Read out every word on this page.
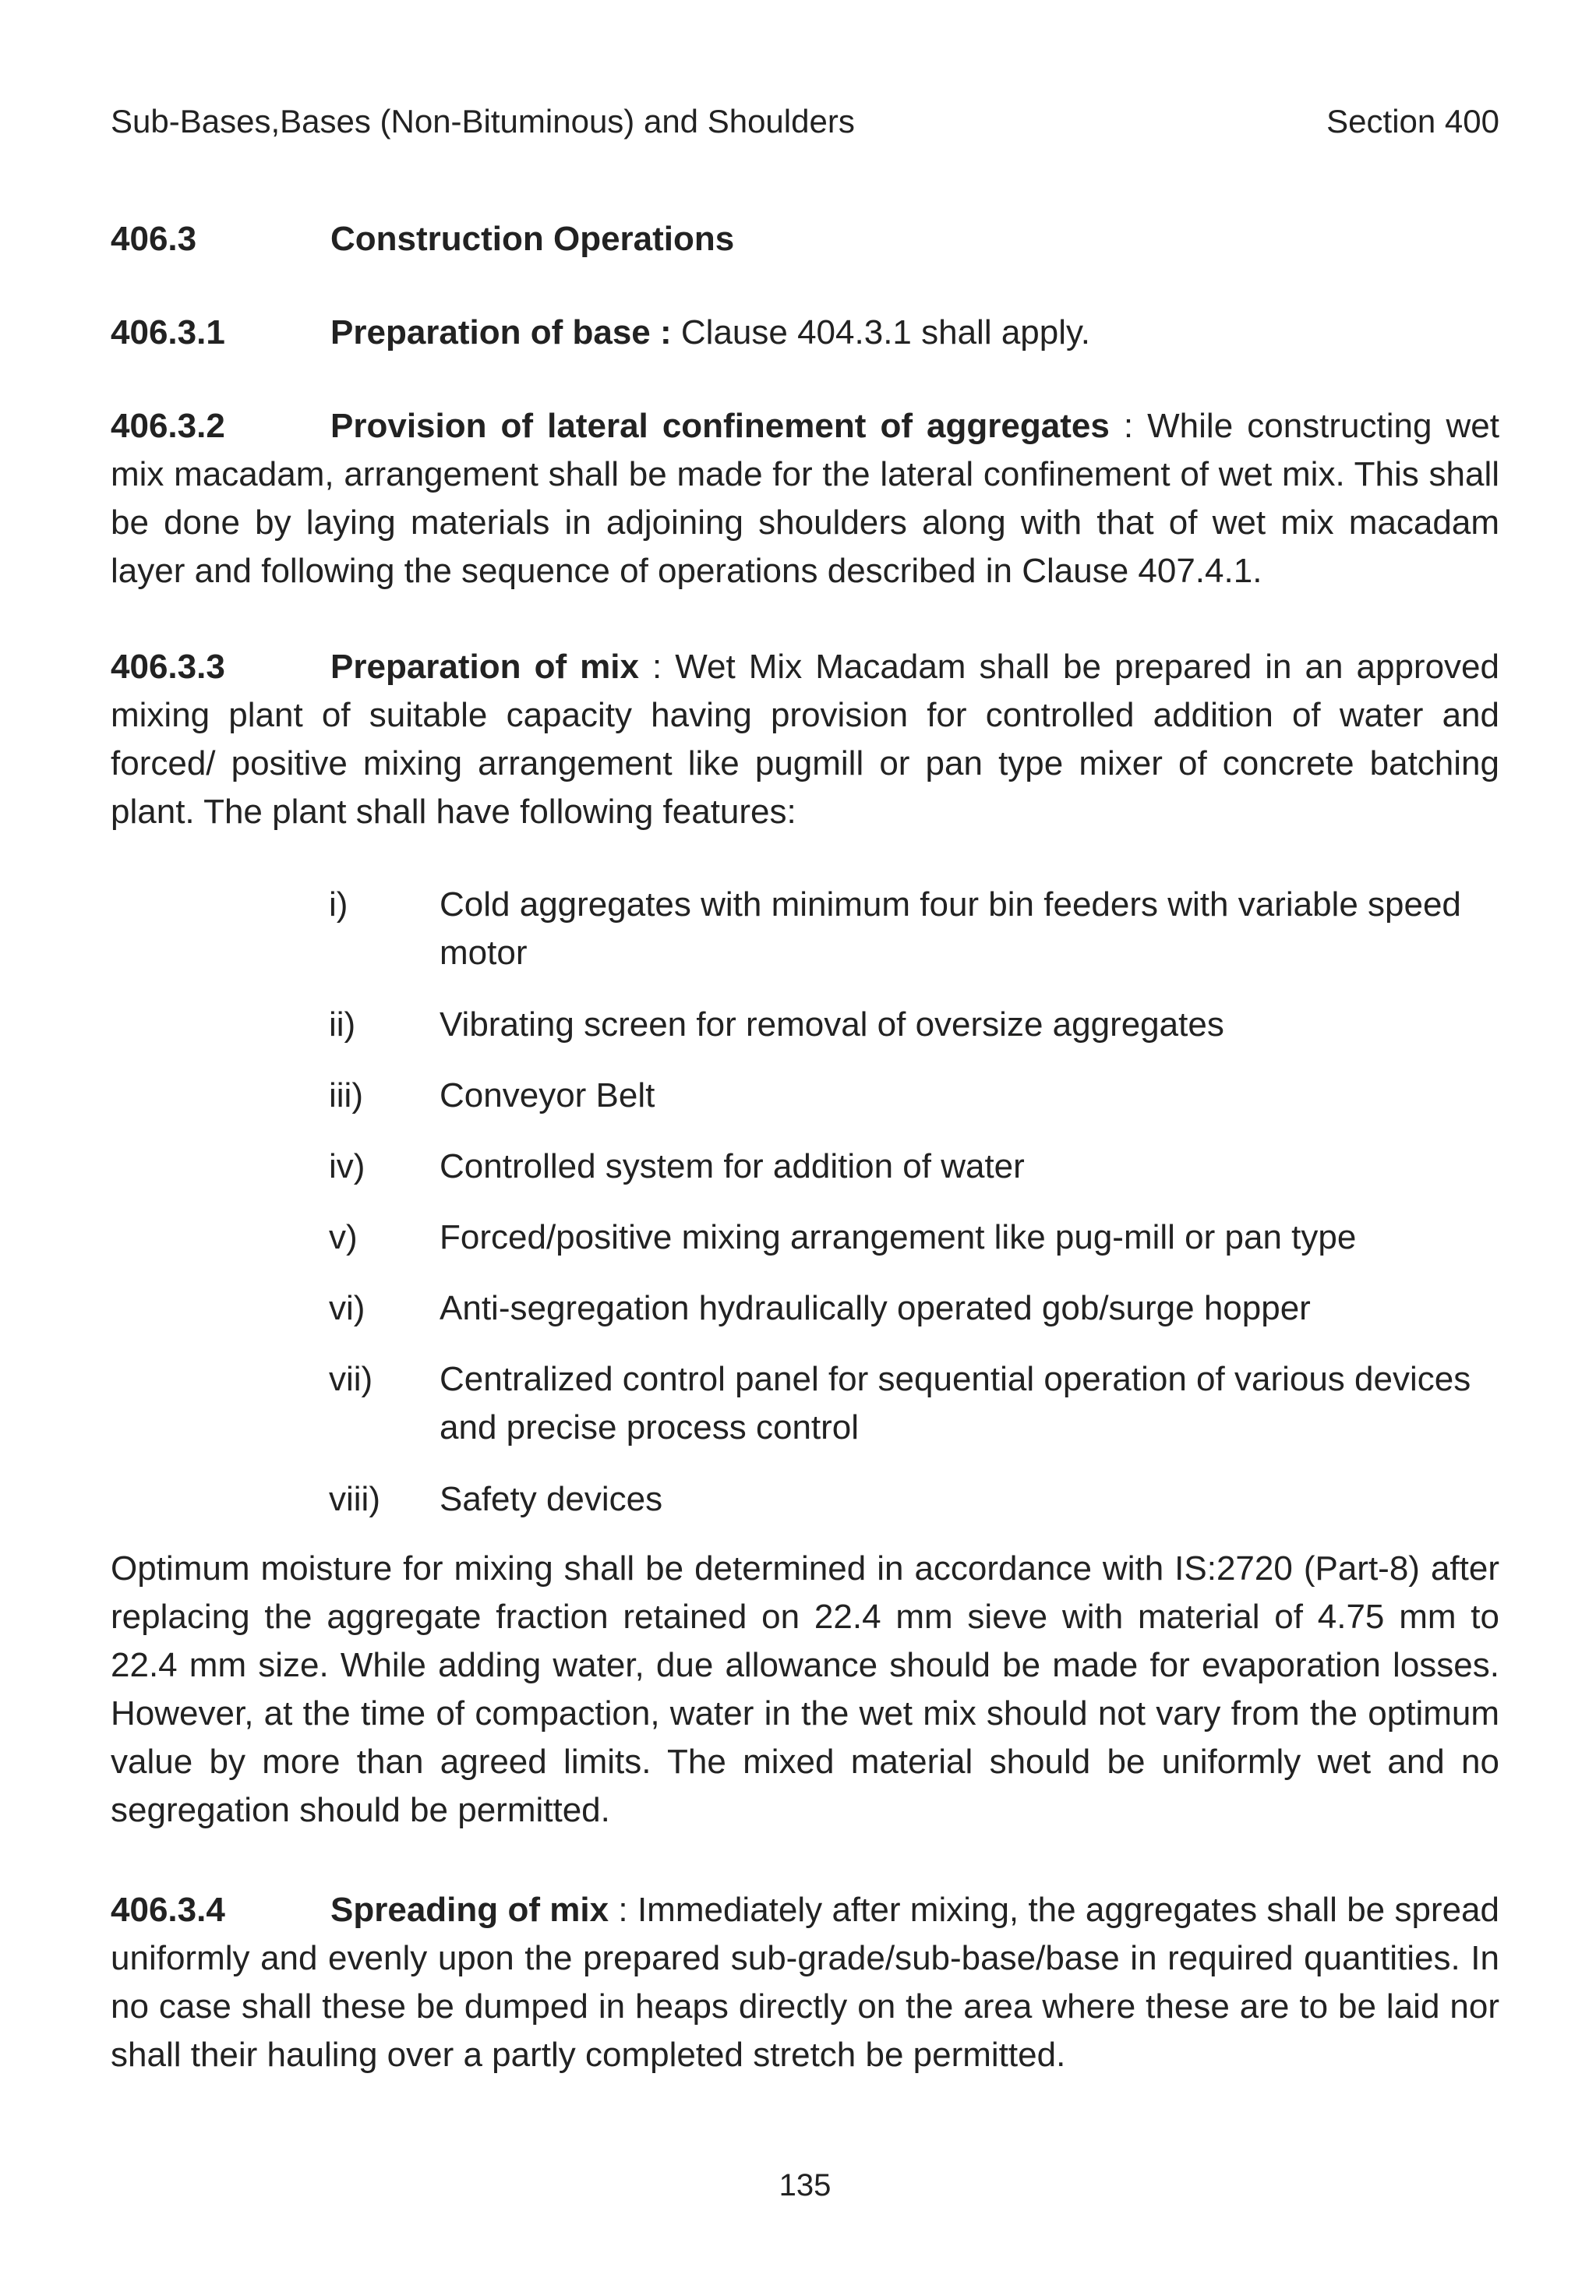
Sub-Bases,Bases (Non-Bituminous) and Shoulders	Section 400
406.3	Construction Operations
406.3.1	Preparation of base : Clause 404.3.1 shall apply.
406.3.2	Provision of lateral confinement of aggregates : While constructing wet mix macadam, arrangement shall be made for the lateral confinement of wet mix. This shall be done by laying materials in adjoining shoulders along with that of wet mix macadam layer and following the sequence of operations described in Clause 407.4.1.
406.3.3	Preparation of mix : Wet Mix Macadam shall be prepared in an approved mixing plant of suitable capacity having provision for controlled addition of water and forced/ positive mixing arrangement like pugmill or pan type mixer of concrete batching plant. The plant shall have following features:
i)	Cold aggregates with minimum four bin feeders with variable speed motor
ii)	Vibrating screen for removal of oversize aggregates
iii)	Conveyor Belt
iv)	Controlled system for addition of water
v)	Forced/positive mixing arrangement like pug-mill or pan type
vi)	Anti-segregation hydraulically operated gob/surge hopper
vii)	Centralized control panel for sequential operation of various devices and precise process control
viii)	Safety devices
Optimum moisture for mixing shall be determined in accordance with IS:2720 (Part-8) after replacing the aggregate fraction retained on 22.4 mm sieve with material of 4.75 mm to 22.4 mm size. While adding water, due allowance should be made for evaporation losses. However, at the time of compaction, water in the wet mix should not vary from the optimum value by more than agreed limits. The mixed material should be uniformly wet and no segregation should be permitted.
406.3.4	Spreading of mix : Immediately after mixing, the aggregates shall be spread uniformly and evenly upon the prepared sub-grade/sub-base/base in required quantities. In no case shall these be dumped in heaps directly on the area where these are to be laid nor shall their hauling over a partly completed stretch be permitted.
135
